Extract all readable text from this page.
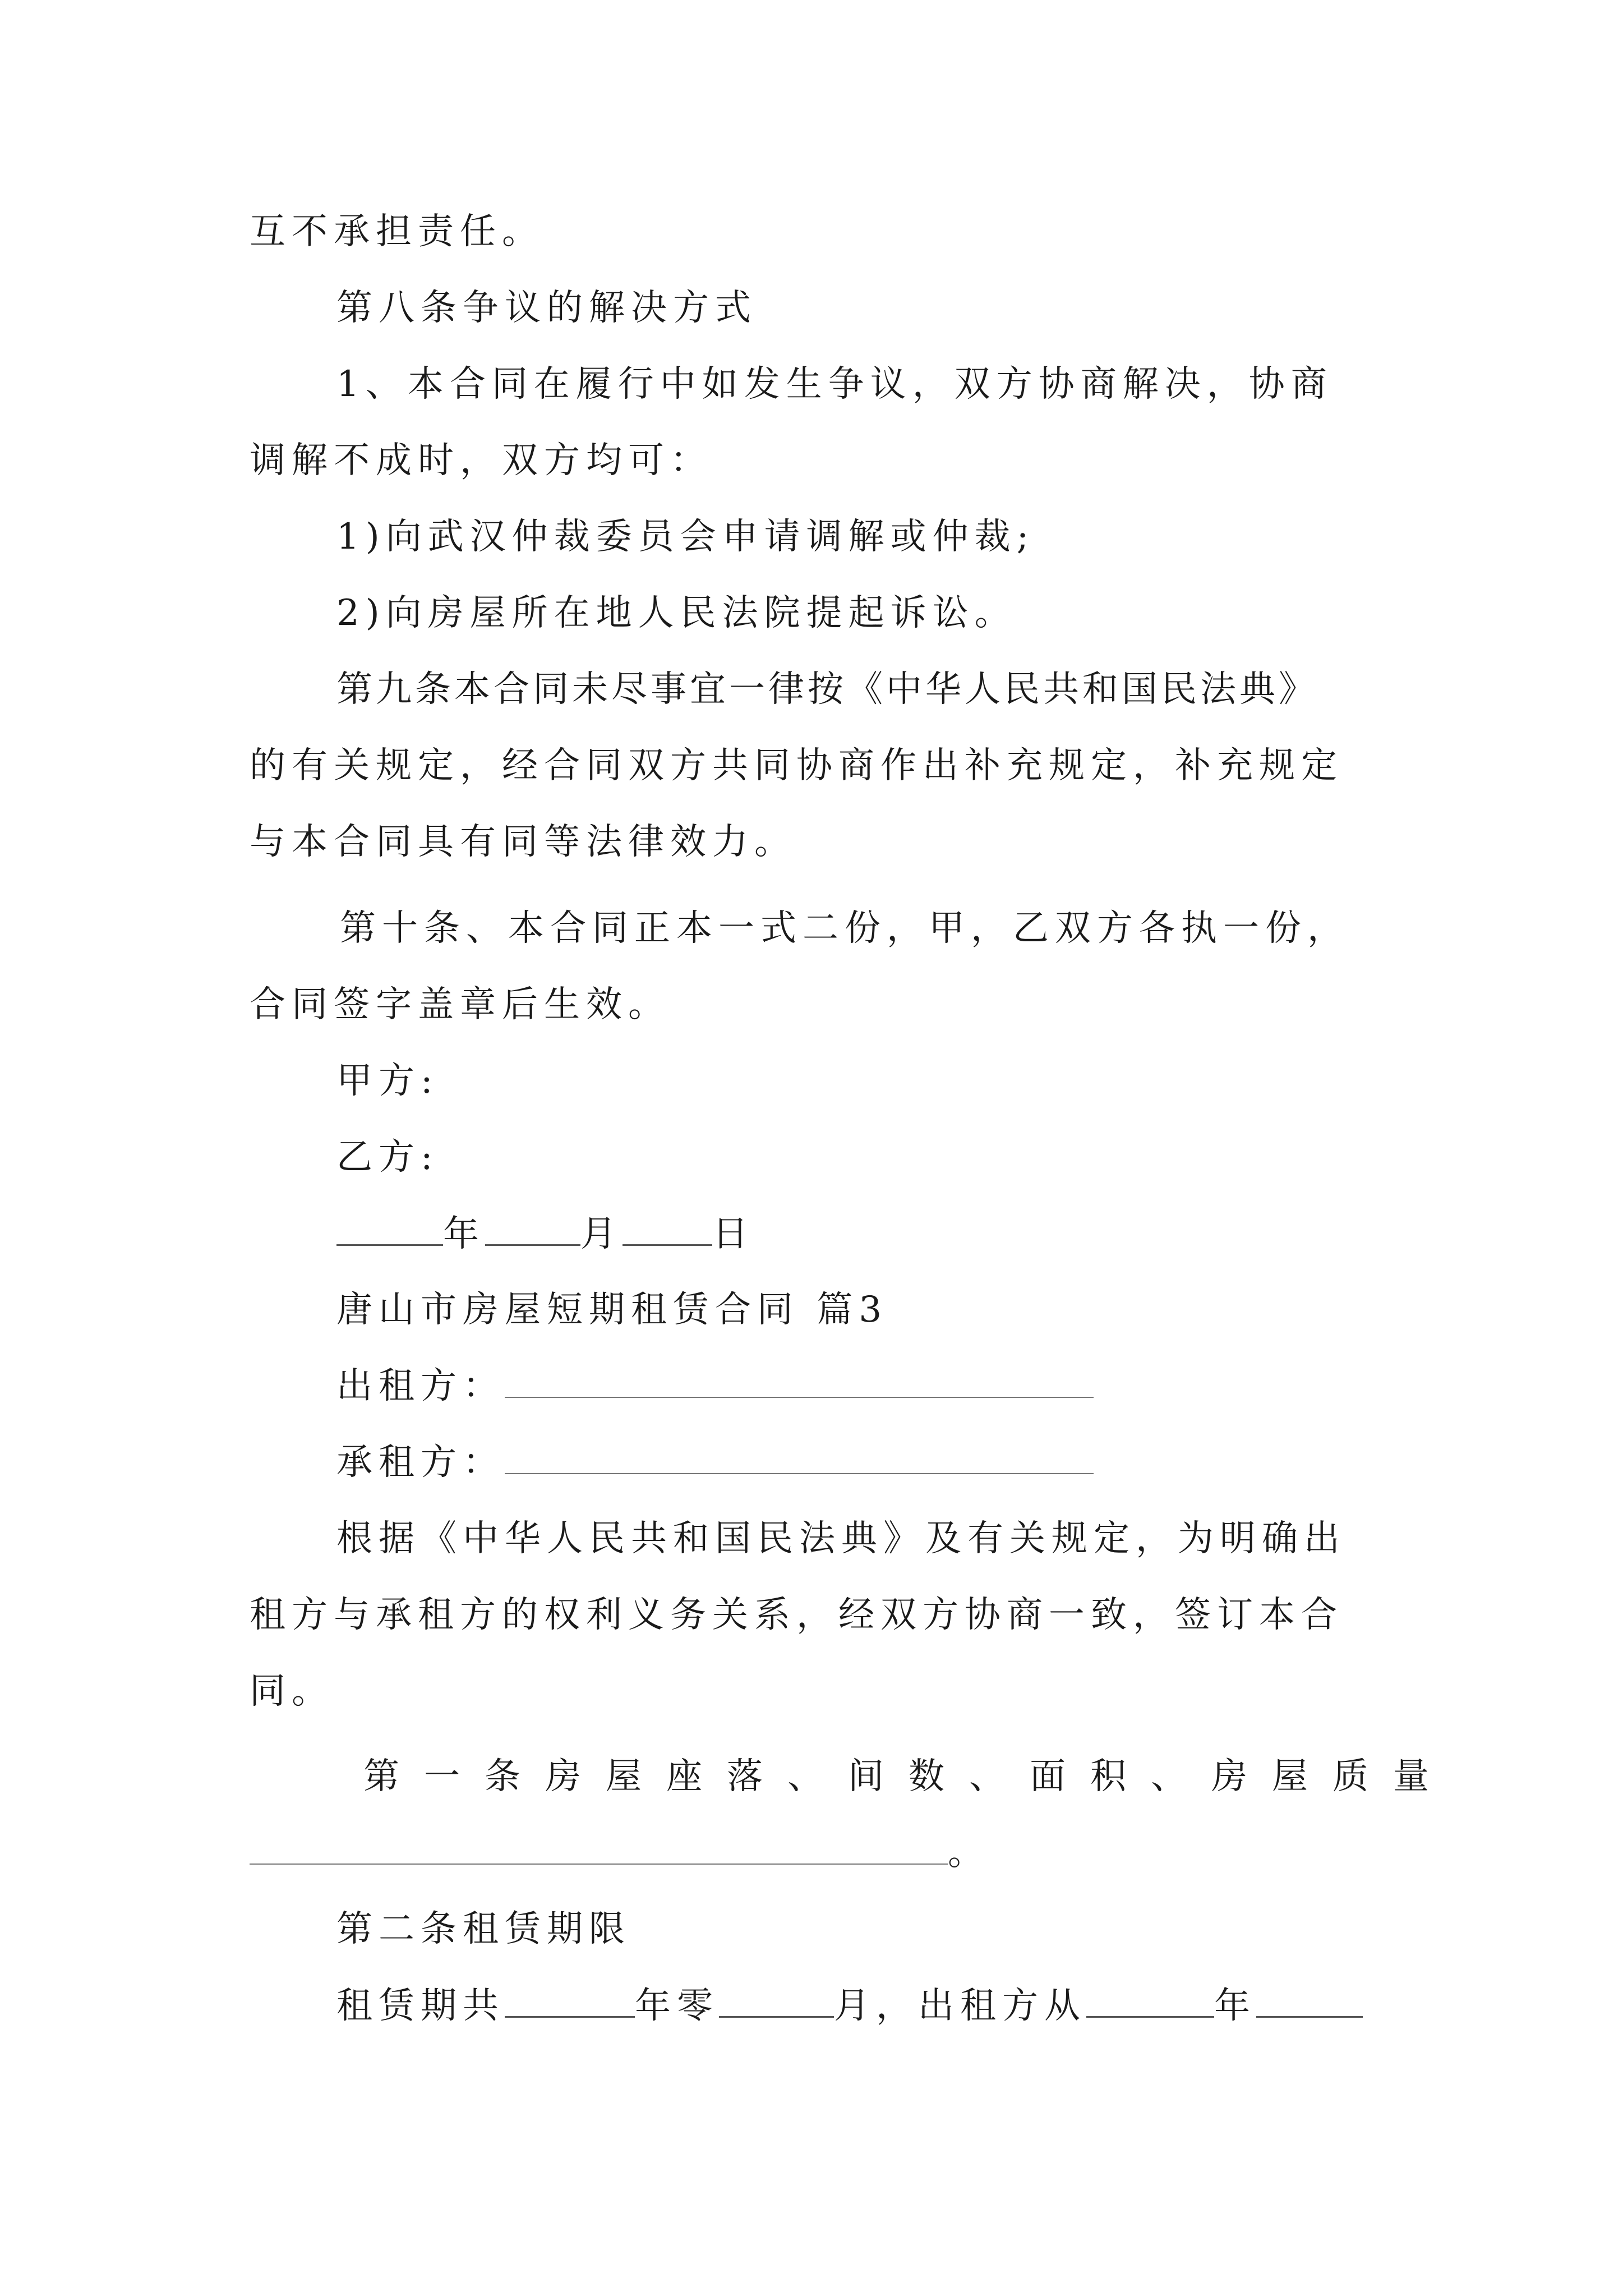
互不承担责任。
第八条争议的解决方式
1、本合同在履行中如发生争议，双方协商解决，协商
调解不成时，双方均可：
1)向武汉仲裁委员会申请调解或仲裁;
2)向房屋所在地人民法院提起诉讼。
第九条本合同未尽事宜一律按《中华人民共和国民法典》
的有关规定，经合同双方共同协商作出补充规定，补充规定
与本合同具有同等法律效力。
第十条、本合同正本一式二份，甲，乙双方各执一份，
合同签字盖章后生效。
甲方:
乙方:
年	月	日
唐山市房屋短期租赁合同 篇3
出租方：
承租方：
根据《中华人民共和国民法典》及有关规定，为明确出
租方与承租方的权利义务关系，经双方协商一致，签订本合
同。
第一条房屋座落、间数、面积、房屋质量
。
第二条租赁期限
租赁期共	年零	月，出租方从	年
